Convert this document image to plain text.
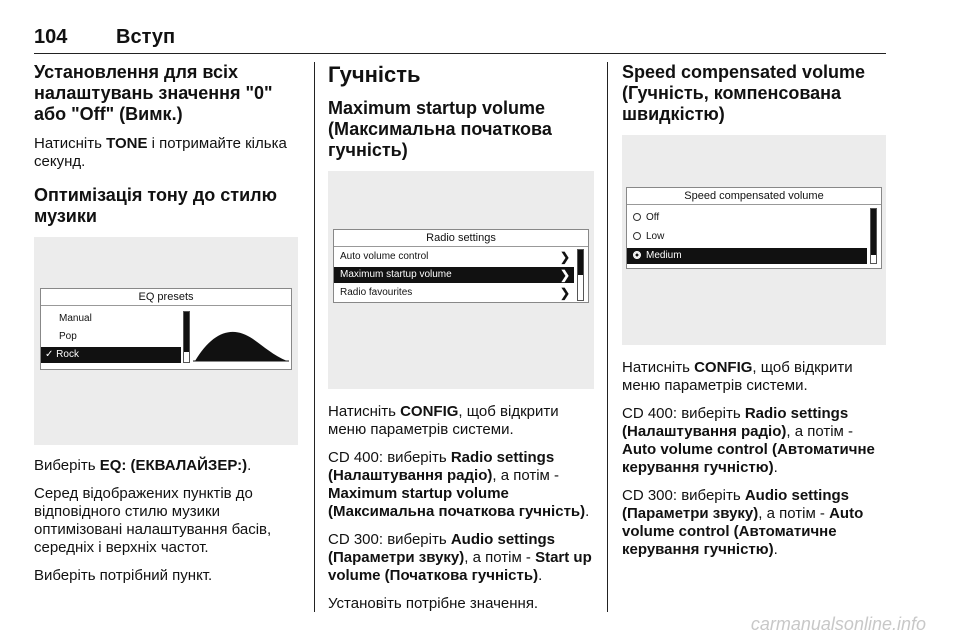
104 Вступ
Установлення для всіх налаштувань значення "0" або "Off" (Вимк.)

Натисніть TONE і потримайте кілька секунд.

Оптимізація тону до стилю музики
EQ presets
Manual
Pop
✓ Rock

Виберіть EQ: (ЕКВАЛАЙЗЕР:).

Серед відображених пунктів до відповідного стилю музики оптимізовані налаштування басів, середніх і верхніх частот.

Виберіть потрібний пункт.

Гучність
Maximum startup volume (Максимальна початкова гучність)
Radio settings
Auto volume control	❯
Maximum startup volume	❯
Radio favourites	❯

Натисніть CONFIG, щоб відкрити меню параметрів системи.

CD 400: виберіть Radio settings (Налаштування радіо), а потім - Maximum startup volume (Максимальна початкова гучність).

CD 300: виберіть Audio settings (Параметри звуку), а потім - Start up volume (Початкова гучність).

Установіть потрібне значення.

Speed compensated volume (Гучність, компенсована швидкістю)
Speed compensated volume
Off
Low
Medium

Натисніть CONFIG, щоб відкрити меню параметрів системи.

CD 400: виберіть Radio settings (Налаштування радіо), а потім - Auto volume control (Автоматичне керування гучністю).

CD 300: виберіть Audio settings (Параметри звуку), а потім - Auto volume control (Автоматичне керування гучністю).

carmanualsonline.info
